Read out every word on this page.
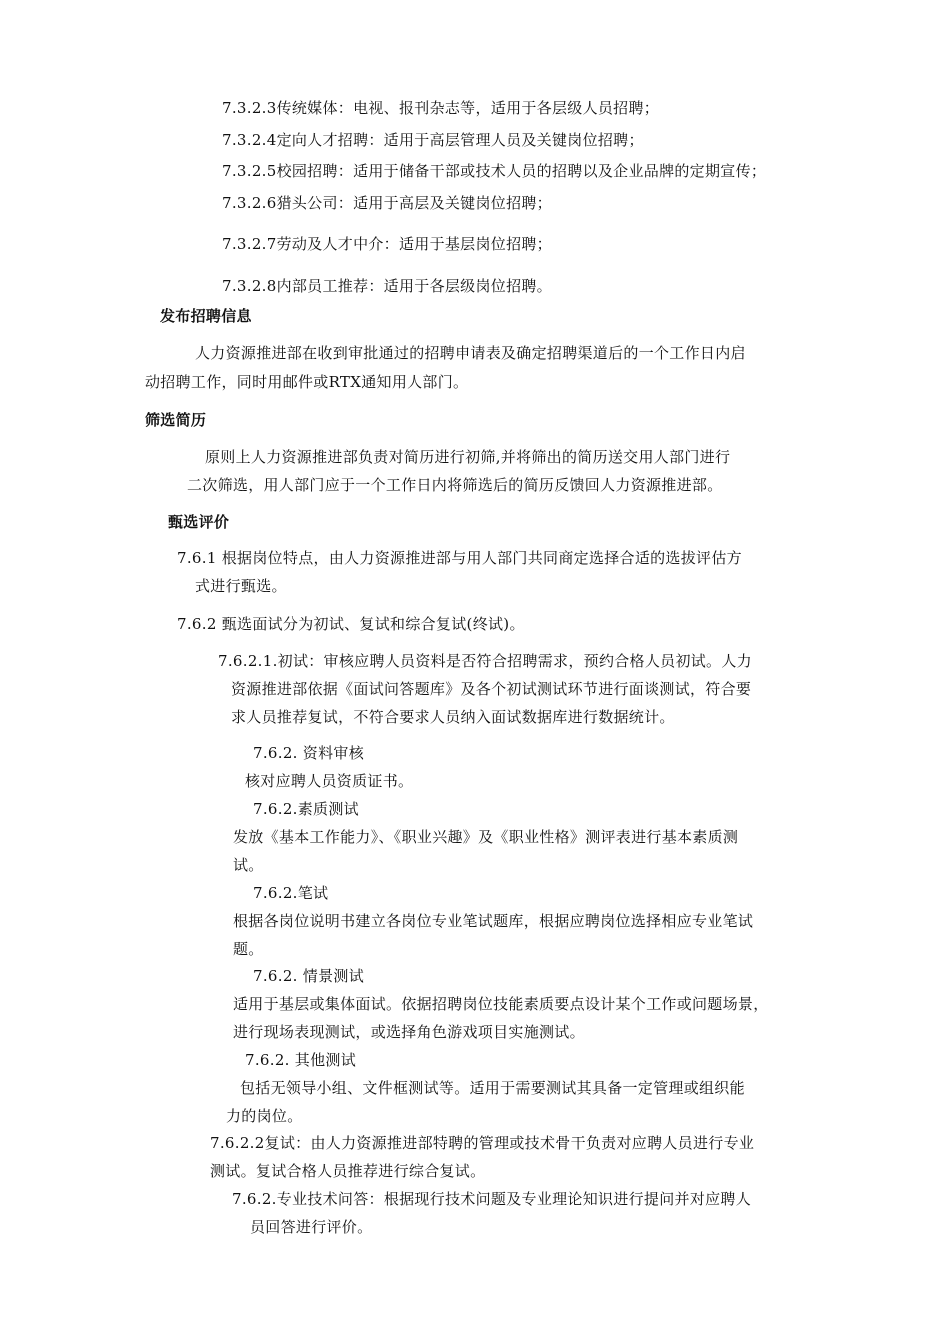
7.3.2.3传统媒体：电视、报刊杂志等，适用于各层级人员招聘；
7.3.2.4定向人才招聘：适用于高层管理人员及关键岗位招聘；
7.3.2.5校园招聘：适用于储备干部或技术人员的招聘以及企业品牌的定期宣传；
7.3.2.6猎头公司：适用于高层及关键岗位招聘；
7.3.2.7劳动及人才中介：适用于基层岗位招聘；
7.3.2.8内部员工推荐：适用于各层级岗位招聘。
发布招聘信息
人力资源推进部在收到审批通过的招聘申请表及确定招聘渠道后的一个工作日内启
动招聘工作，同时用邮件或RTX通知用人部门。
筛选简历
原则上人力资源推进部负责对简历进行初筛,并将筛出的简历送交用人部门进行
二次筛选，用人部门应于一个工作日内将筛选后的简历反馈回人力资源推进部。
甄选评价
7.6.1 根据岗位特点，由人力资源推进部与用人部门共同商定选择合适的选拔评估方
式进行甄选。
7.6.2 甄选面试分为初试、复试和综合复试(终试)。
7.6.2.1.初试：审核应聘人员资料是否符合招聘需求，预约合格人员初试。人力
资源推进部依据《面试问答题库》及各个初试测试环节进行面谈测试，符合要
求人员推荐复试，不符合要求人员纳入面试数据库进行数据统计。
7.6.2. 资料审核
核对应聘人员资质证书。
7.6.2.素质测试
发放《基本工作能力》、《职业兴趣》及《职业性格》测评表进行基本素质测
试。
7.6.2.笔试
根据各岗位说明书建立各岗位专业笔试题库，根据应聘岗位选择相应专业笔试
题。
7.6.2. 情景测试
适用于基层或集体面试。依据招聘岗位技能素质要点设计某个工作或问题场景，
进行现场表现测试，或选择角色游戏项目实施测试。
7.6.2. 其他测试
包括无领导小组、文件框测试等。适用于需要测试其具备一定管理或组织能
力的岗位。
7.6.2.2复试：由人力资源推进部特聘的管理或技术骨干负责对应聘人员进行专业
测试。复试合格人员推荐进行综合复试。
7.6.2.专业技术问答：根据现行技术问题及专业理论知识进行提问并对应聘人
员回答进行评价。
